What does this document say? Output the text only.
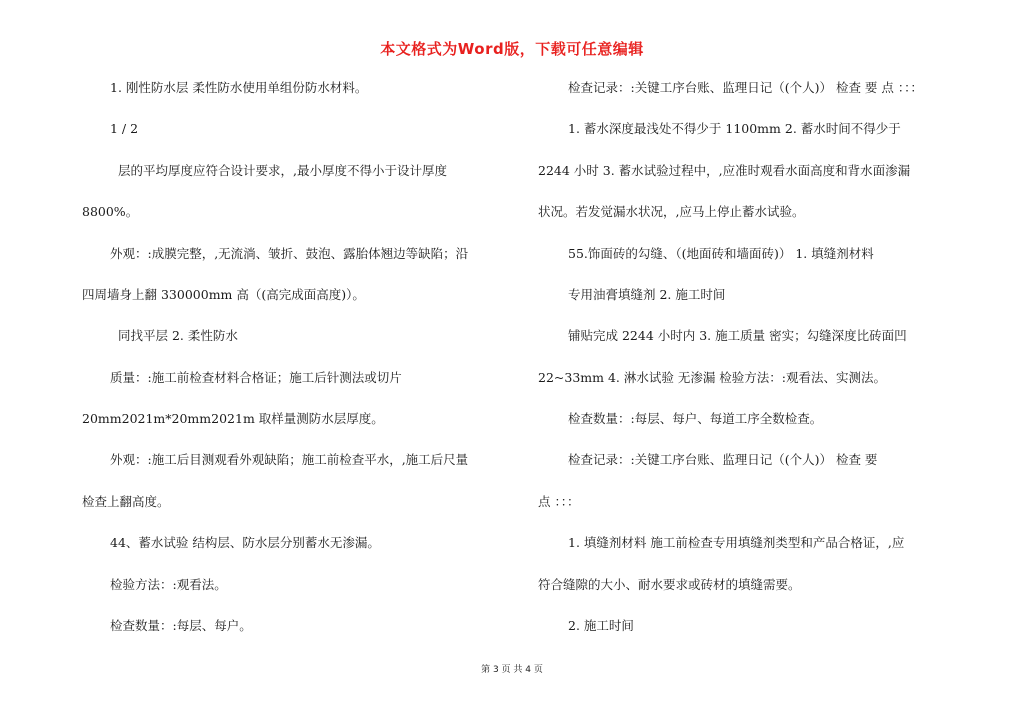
本文格式为Word版，下载可任意编辑
1. 刚性防水层 柔性防水使用单组份防水材料。
1 / 2
层的平均厚度应符合设计要求，,最小厚度不得小于设计厚度
8800%。
外观：:成膜完整，,无流淌、皱折、鼓泡、露胎体翘边等缺陷；沿
四周墙身上翻 330000mm 高（(高完成面高度)）。
同找平层 2. 柔性防水
质量：:施工前检查材料合格证；施工后针测法或切片
20mm2021m*20mm2021m 取样量测防水层厚度。
外观：:施工后目测观看外观缺陷；施工前检查平水，,施工后尺量
检查上翻高度。
44、蓄水试验 结构层、防水层分别蓄水无渗漏。
检验方法：:观看法。
检查数量：:每层、每户。
检查记录：:关键工序台账、监理日记（(个人)） 检查 要 点 ：：：
1. 蓄水深度最浅处不得少于 1100mm 2. 蓄水时间不得少于
2244 小时 3. 蓄水试验过程中，,应准时观看水面高度和背水面渗漏
状况。若发觉漏水状况，,应马上停止蓄水试验。
55.饰面砖的勾缝、（(地面砖和墙面砖)） 1. 填缝剂材料
专用油膏填缝剂 2. 施工时间
铺贴完成 2244 小时内 3. 施工质量 密实；勾缝深度比砖面凹
22~33mm 4. 淋水试验 无渗漏 检验方法：:观看法、实测法。
检查数量：:每层、每户、每道工序全数检查。
检查记录：:关键工序台账、监理日记（(个人)） 检查 要
点 ：：：
1. 填缝剂材料 施工前检查专用填缝剂类型和产品合格证，,应
符合缝隙的大小、耐水要求或砖材的填缝需要。
2. 施工时间
第 3 页 共 4 页
